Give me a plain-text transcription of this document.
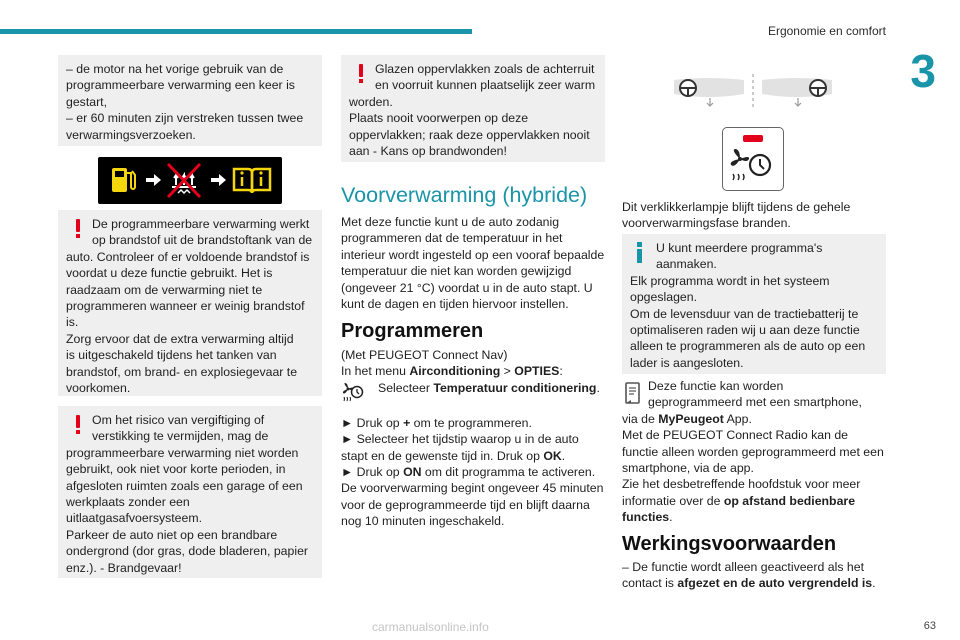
Ergonomie en comfort
3
– de motor na het vorige gebruik van de
programmeerbare verwarming een keer is
gestart,
– er 60 minuten zijn verstreken tussen twee
verwarmingsverzoeken.
De programmeerbare verwarming werkt
op brandstof uit de brandstoftank van de
auto. Controleer of er voldoende brandstof is
voordat u deze functie gebruikt. Het is
raadzaam om de verwarming niet te
programmeren wanneer er weinig brandstof
is.
Zorg ervoor dat de extra verwarming altijd
is uitgeschakeld tijdens het tanken van
brandstof, om brand- en explosiegevaar te
voorkomen.
Om het risico van vergiftiging of
verstikking te vermijden, mag de
programmeerbare verwarming niet worden
gebruikt, ook niet voor korte perioden, in
afgesloten ruimten zoals een garage of een
werkplaats zonder een
uitlaatgasafvoersysteem.
Parkeer de auto niet op een brandbare
ondergrond (dor gras, dode bladeren, papier
enz.). - Brandgevaar!
Glazen oppervlakken zoals de achterruit
en voorruit kunnen plaatselijk zeer warm
worden.
Plaats nooit voorwerpen op deze
oppervlakken; raak deze oppervlakken nooit
aan - Kans op brandwonden!
Voorverwarming (hybride)
Met deze functie kunt u de auto zodanig
programmeren dat de temperatuur in het
interieur wordt ingesteld op een vooraf bepaalde
temperatuur die niet kan worden gewijzigd
(ongeveer 21 °C) voordat u in de auto stapt. U
kunt de dagen en tijden hiervoor instellen.
Programmeren
(Met PEUGEOT Connect Nav)
In het menu Airconditioning > OPTIES:
Selecteer Temperatuur conditionering.
► Druk op + om te programmeren.
► Selecteer het tijdstip waarop u in de auto
stapt en de gewenste tijd in. Druk op OK.
► Druk op ON om dit programma te activeren.
De voorverwarming begint ongeveer 45 minuten
voor de geprogrammeerde tijd en blijft daarna
nog 10 minuten ingeschakeld.
Dit verklikkerlampje blijft tijdens de gehele
voorverwarmingsfase branden.
U kunt meerdere programma's
aanmaken.
Elk programma wordt in het systeem
opgeslagen.
Om de levensduur van de tractiebatterij te
optimaliseren raden wij u aan deze functie
alleen te programmeren als de auto op een
lader is aangesloten.
Deze functie kan worden
geprogrammeerd met een smartphone,
via de MyPeugeot App.
Met de PEUGEOT Connect Radio kan de
functie alleen worden geprogrammeerd met een
smartphone, via de app.
Zie het desbetreffende hoofdstuk voor meer
informatie over de op afstand bedienbare
functies.
Werkingsvoorwaarden
– De functie wordt alleen geactiveerd als het
contact is afgezet en de auto vergrendeld is.
carmanualsonline.info	63
